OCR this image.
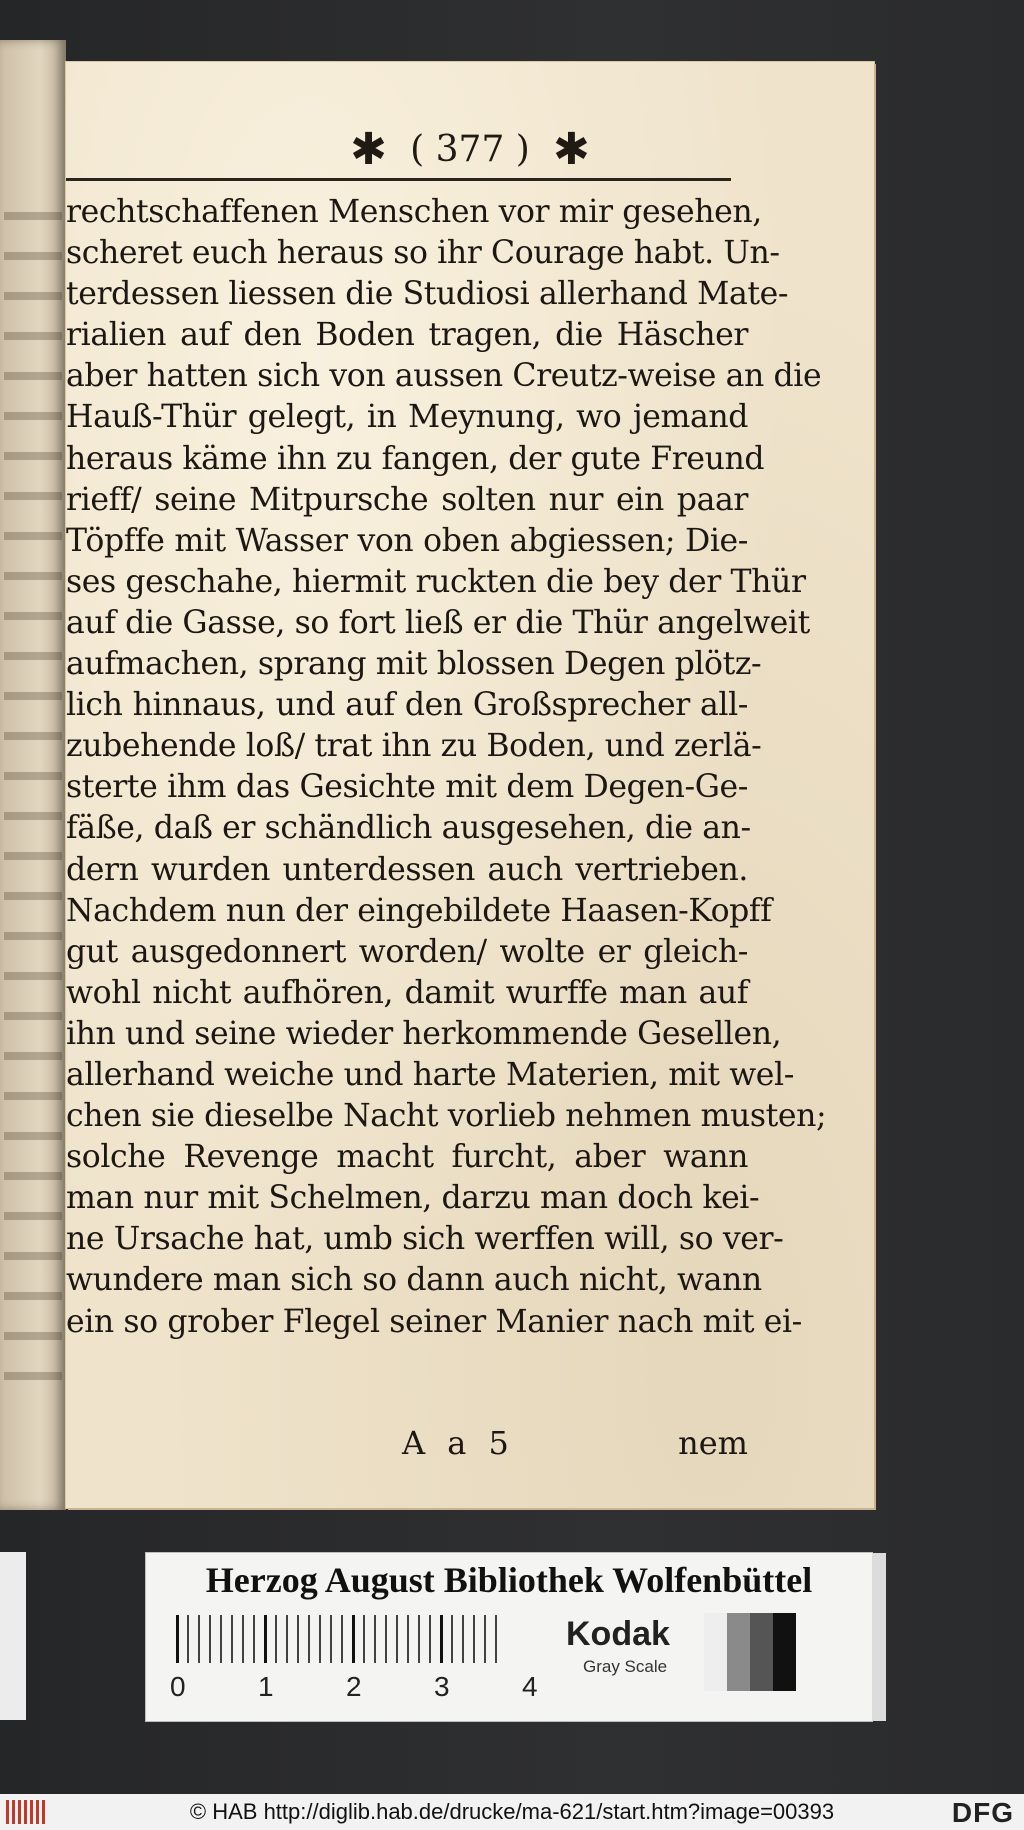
✱ ( 377 ) ✱
rechtschaffenen Menschen vor mir gesehen,
scheret euch heraus so ihr Courage habt. Un-
terdessen liessen die Studiosi allerhand Mate-
rialien auf den Boden tragen, die Häscher
aber hatten sich von aussen Creutz-weise an die
Hauß-Thür gelegt, in Meynung, wo jemand
heraus käme ihn zu fangen, der gute Freund
rieff/ seine Mitpursche solten nur ein paar
Töpffe mit Wasser von oben abgiessen; Die-
ses geschahe, hiermit ruckten die bey der Thür
auf die Gasse, so fort ließ er die Thür angelweit
aufmachen, sprang mit blossen Degen plötz-
lich hinnaus, und auf den Großsprecher all-
zubehende loß/ trat ihn zu Boden, und zerlä-
sterte ihm das Gesichte mit dem Degen-Ge-
fäße, daß er schändlich ausgesehen, die an-
dern wurden unterdessen auch vertrieben.
Nachdem nun der eingebildete Haasen-Kopff
gut ausgedonnert worden/ wolte er gleich-
wohl nicht aufhören, damit wurffe man auf
ihn und seine wieder herkommende Gesellen,
allerhand weiche und harte Materien, mit wel-
chen sie dieselbe Nacht vorlieb nehmen musten;
solche Revenge macht furcht, aber wann
man nur mit Schelmen, darzu man doch kei-
ne Ursache hat, umb sich werffen will, so ver-
wundere man sich so dann auch nicht, wann
ein so grober Flegel seiner Manier nach mit ei-
A a 5	nem
Herzog August Bibliothek Wolfenbüttel
0	1	2	3	4
Kodak
Gray Scale
© HAB http://diglib.hab.de/drucke/ma-621/start.htm?image=00393	DFG
